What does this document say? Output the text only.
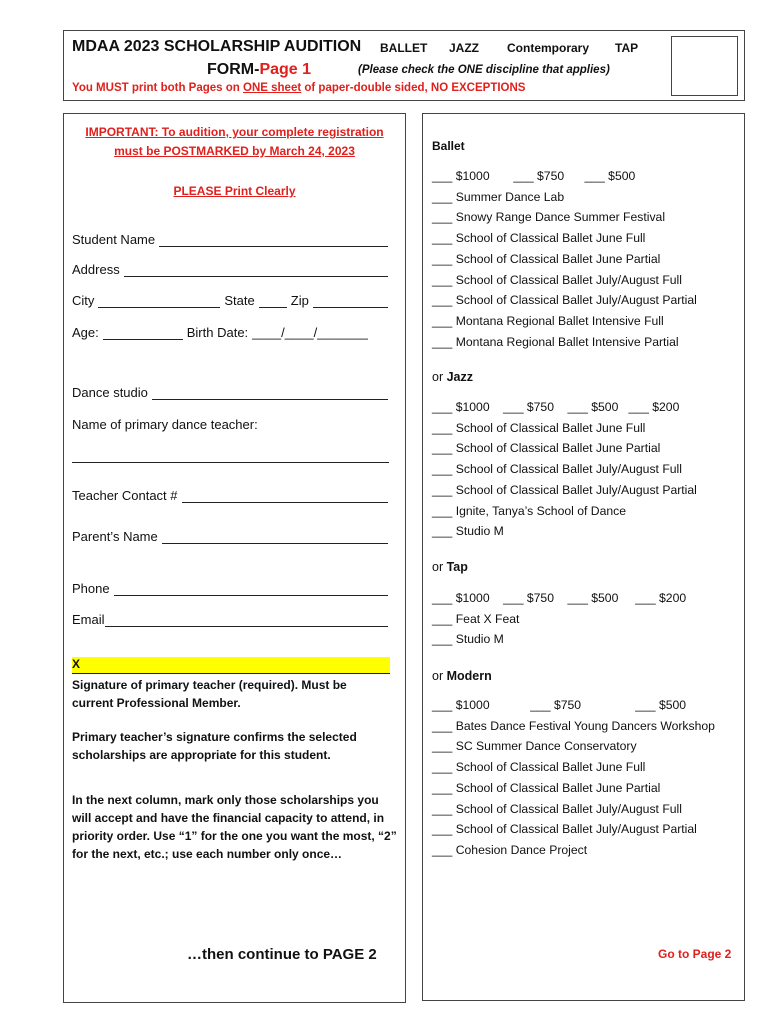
MDAA 2023 SCHOLARSHIP AUDITION
FORM-Page 1
BALLET JAZZ Contemporary TAP
(Please check the ONE discipline that applies)
You MUST print both Pages on ONE sheet of paper-double sided, NO EXCEPTIONS
IMPORTANT: To audition, your complete registration
must be POSTMARKED by March 24, 2023
PLEASE Print Clearly
Student Name
Address
City	State	Zip
Age:	Birth Date: ____/____/_______
Dance studio
Name of primary dance teacher:
Teacher Contact #
Parent’s Name
Phone
Email
X
Signature of primary teacher (required). Must be current Professional Member.
Primary teacher’s signature confirms the selected scholarships are appropriate for this student.
In the next column, mark only those scholarships you will accept and have the financial capacity to attend, in priority order. Use “1” for the one you want the most, “2” for the next, etc.; use each number only once…
…then continue to PAGE 2
Ballet
___ $1000       ___ $750      ___ $500
___ Summer Dance Lab
___ Snowy Range Dance Summer Festival
___ School of Classical Ballet June Full
___ School of Classical Ballet June Partial
___ School of Classical Ballet July/August Full
___ School of Classical Ballet July/August Partial
___ Montana Regional Ballet Intensive Full
___ Montana Regional Ballet Intensive Partial
or Jazz
___ $1000    ___ $750    ___ $500   ___ $200
___ School of Classical Ballet June Full
___ School of Classical Ballet June Partial
___ School of Classical Ballet July/August Full
___ School of Classical Ballet July/August Partial
___ Ignite, Tanya’s School of Dance
___ Studio M
or Tap
___ $1000    ___ $750    ___ $500     ___ $200
___ Feat X Feat
___ Studio M
or Modern
___ $1000            ___ $750                ___ $500
___ Bates Dance Festival Young Dancers Workshop
___ SC Summer Dance Conservatory
___ School of Classical Ballet June Full
___ School of Classical Ballet June Partial
___ School of Classical Ballet July/August Full
___ School of Classical Ballet July/August Partial
___ Cohesion Dance Project
Go to Page 2
